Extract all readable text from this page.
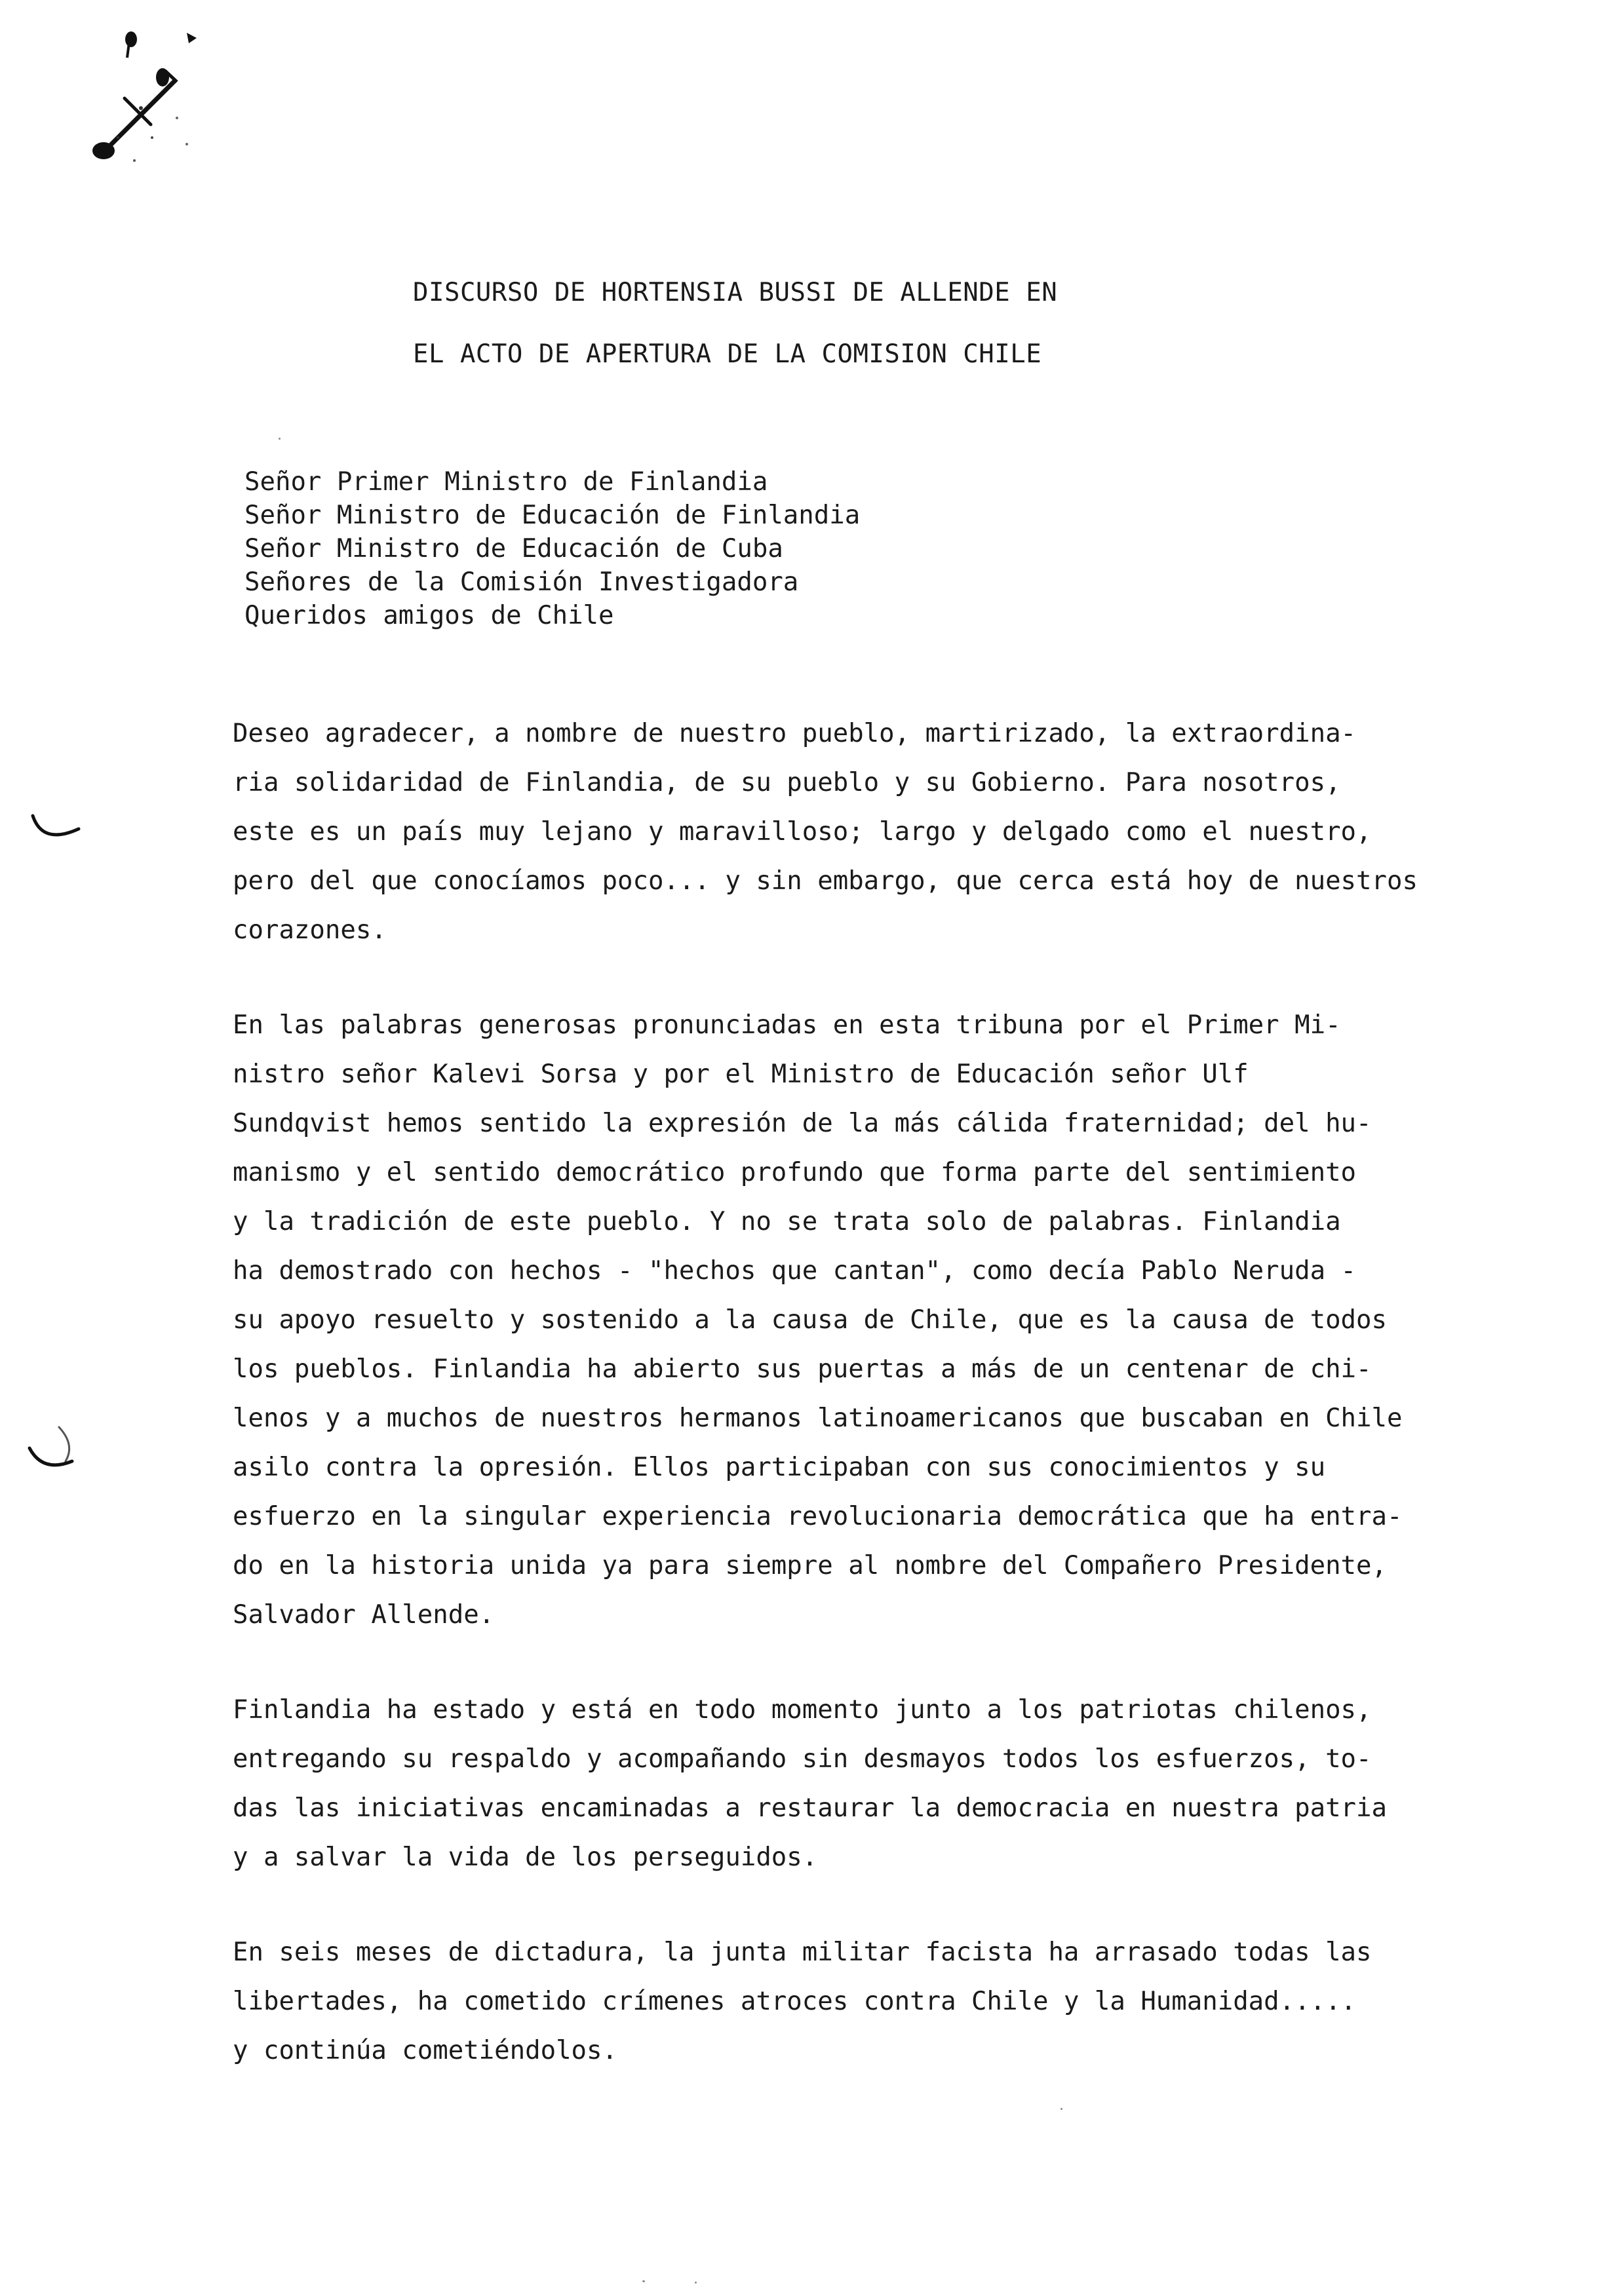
DISCURSO DE HORTENSIA BUSSI DE ALLENDE EN
EL ACTO DE APERTURA DE LA COMISION CHILE
Señor Primer Ministro de Finlandia
Señor Ministro de Educación de Finlandia
Señor Ministro de Educación de Cuba
Señores de la Comisión Investigadora
Queridos amigos de Chile
Deseo agradecer, a nombre de nuestro pueblo, martirizado, la extraordina-
ria solidaridad de Finlandia, de su pueblo y su Gobierno. Para nosotros,
este es un país muy lejano y maravilloso; largo y delgado como el nuestro,
pero del que conocíamos poco... y sin embargo, que cerca está hoy de nuestros
corazones.
En las palabras generosas pronunciadas en esta tribuna por el Primer Mi-
nistro señor Kalevi Sorsa y por el Ministro de Educación señor Ulf
Sundqvist hemos sentido la expresión de la más cálida fraternidad; del hu-
manismo y el sentido democrático profundo que forma parte del sentimiento
y la tradición de este pueblo. Y no se trata solo de palabras. Finlandia
ha demostrado con hechos - "hechos que cantan", como decía Pablo Neruda -
su apoyo resuelto y sostenido a la causa de Chile, que es la causa de todos
los pueblos. Finlandia ha abierto sus puertas a más de un centenar de chi-
lenos y a muchos de nuestros hermanos latinoamericanos que buscaban en Chile
asilo contra la opresión. Ellos participaban con sus conocimientos y su
esfuerzo en la singular experiencia revolucionaria democrática que ha entra-
do en la historia unida ya para siempre al nombre del Compañero Presidente,
Salvador Allende.
Finlandia ha estado y está en todo momento junto a los patriotas chilenos,
entregando su respaldo y acompañando sin desmayos todos los esfuerzos, to-
das las iniciativas encaminadas a restaurar la democracia en nuestra patria
y a salvar la vida de los perseguidos.
En seis meses de dictadura, la junta militar facista ha arrasado todas las
libertades, ha cometido crímenes atroces contra Chile y la Humanidad.....
y continúa cometiéndolos.
